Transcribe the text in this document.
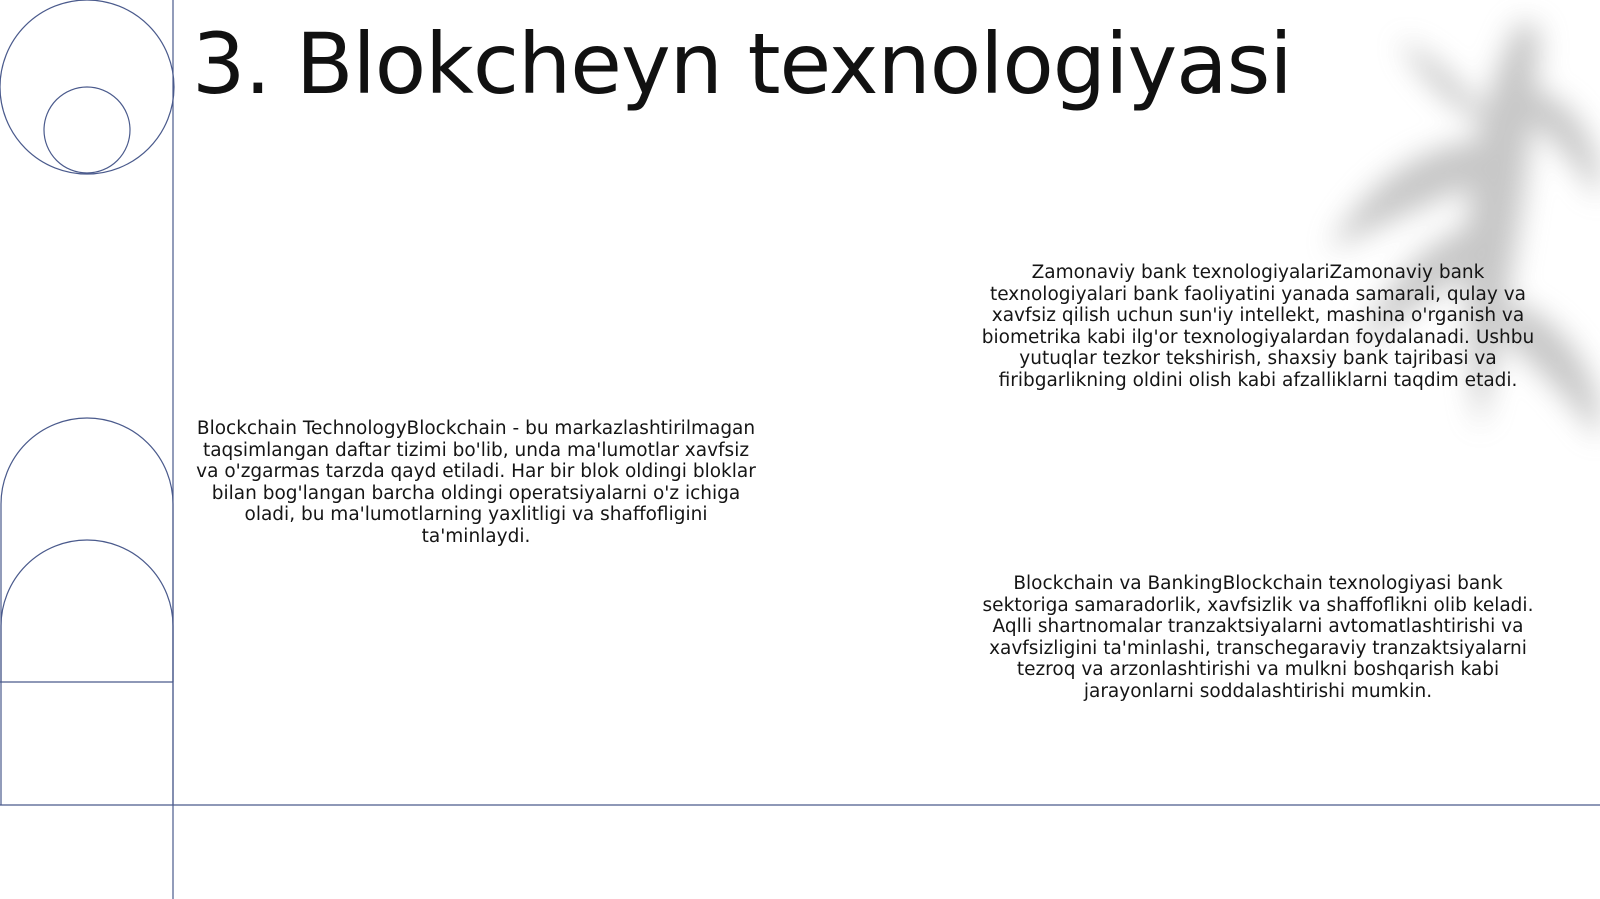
3. Blokcheyn texnologiyasi
Blockchain TechnologyBlockchain - bu markazlashtirilmagan taqsimlangan daftar tizimi bo'lib, unda ma'lumotlar xavfsiz va o'zgarmas tarzda qayd etiladi. Har bir blok oldingi bloklar bilan bog'langan barcha oldingi operatsiyalarni o'z ichiga oladi, bu ma'lumotlarning yaxlitligi va shaffofligini ta'minlaydi.
Zamonaviy bank texnologiyalariZamonaviy bank texnologiyalari bank faoliyatini yanada samarali, qulay va xavfsiz qilish uchun sun'iy intellekt, mashina o'rganish va biometrika kabi ilg'or texnologiyalardan foydalanadi. Ushbu yutuqlar tezkor tekshirish, shaxsiy bank tajribasi va firibgarlikning oldini olish kabi afzalliklarni taqdim etadi.
Blockchain va BankingBlockchain texnologiyasi bank sektoriga samaradorlik, xavfsizlik va shaffoflikni olib keladi. Aqlli shartnomalar tranzaktsiyalarni avtomatlashtirishi va xavfsizligini ta'minlashi, transchegaraviy tranzaktsiyalarni tezroq va arzonlashtirishi va mulkni boshqarish kabi jarayonlarni soddalashtirishi mumkin.
